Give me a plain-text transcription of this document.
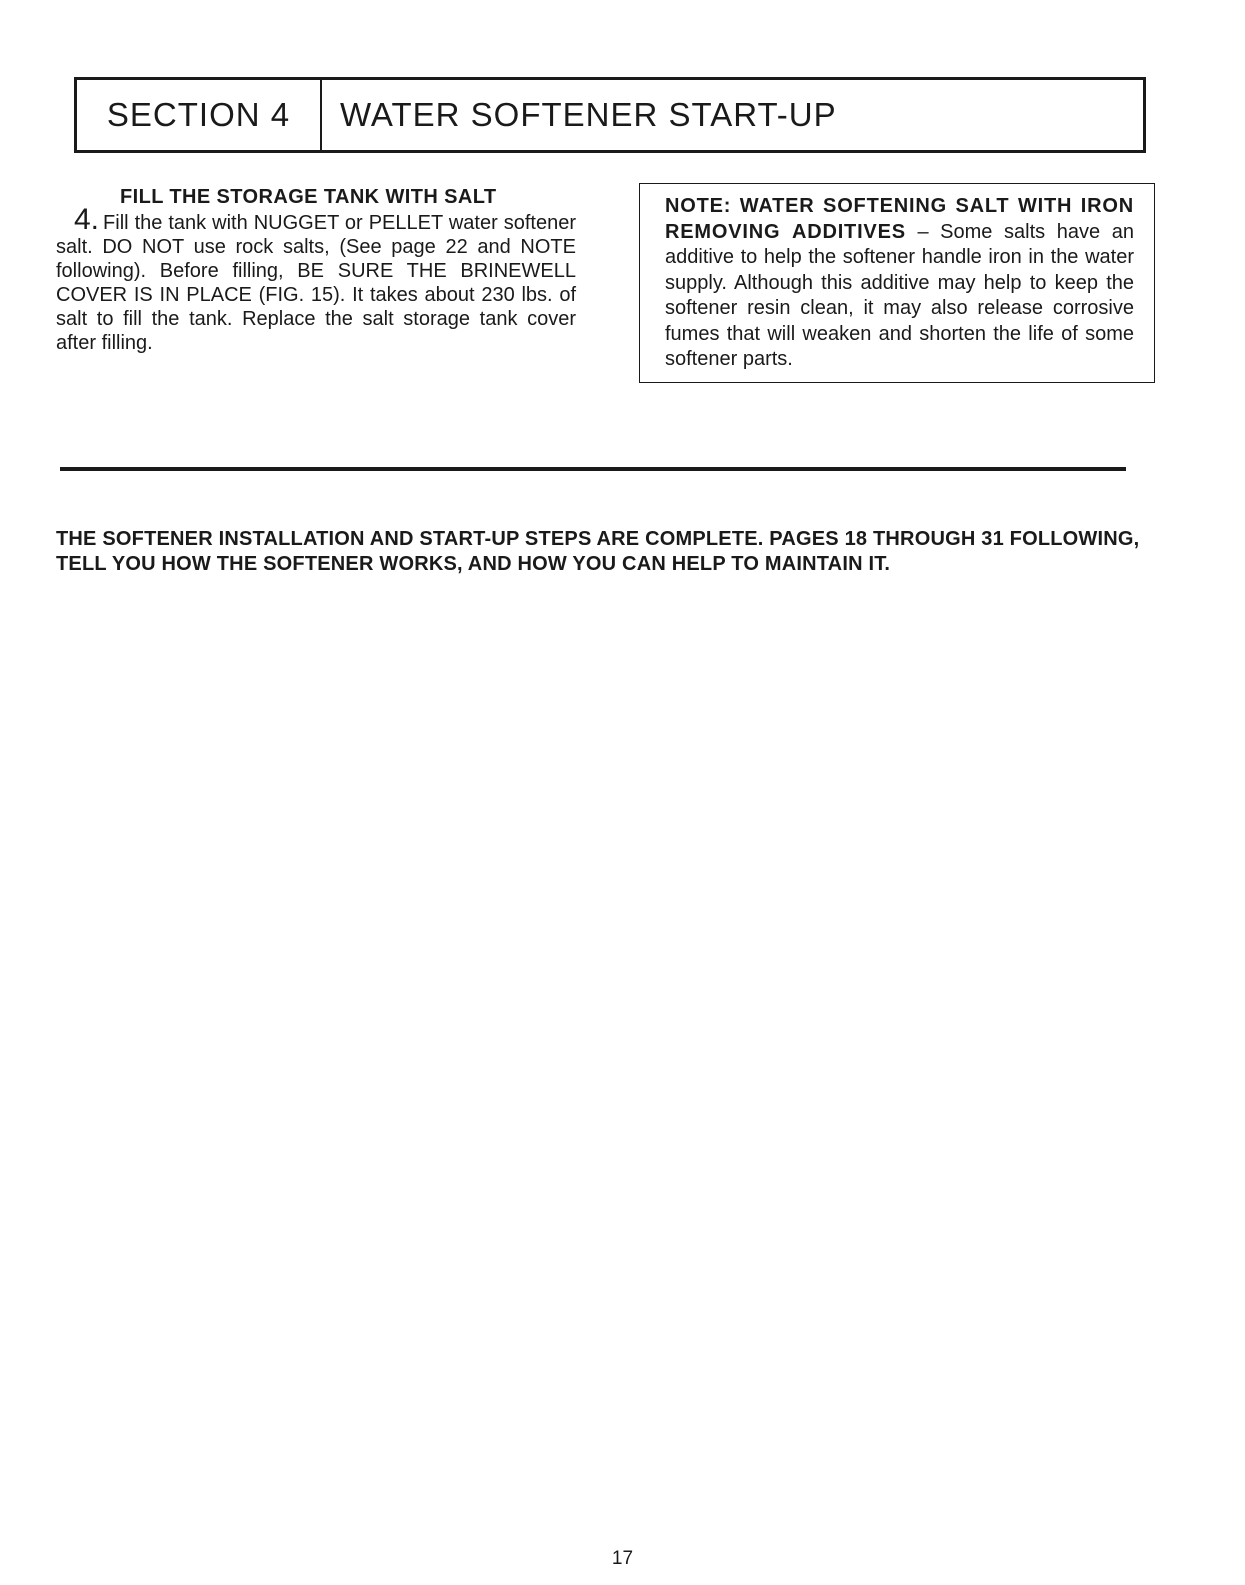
SECTION 4	WATER SOFTENER START-UP
FILL THE STORAGE TANK WITH SALT
4. Fill the tank with NUGGET or PELLET water softener salt. DO NOT use rock salts, (See page 22 and NOTE following). Before filling, BE SURE THE BRINEWELL COVER IS IN PLACE (FIG. 15). It takes about 230 lbs. of salt to fill the tank. Replace the salt storage tank cover after filling.
NOTE: WATER SOFTENING SALT WITH IRON REMOVING ADDITIVES – Some salts have an additive to help the softener handle iron in the water supply. Although this additive may help to keep the softener resin clean, it may also release corrosive fumes that will weaken and shorten the life of some softener parts.
THE SOFTENER INSTALLATION AND START-UP STEPS ARE COMPLETE. PAGES 18 THROUGH 31 FOLLOWING, TELL YOU HOW THE SOFTENER WORKS, AND HOW YOU CAN HELP TO MAINTAIN IT.
17
